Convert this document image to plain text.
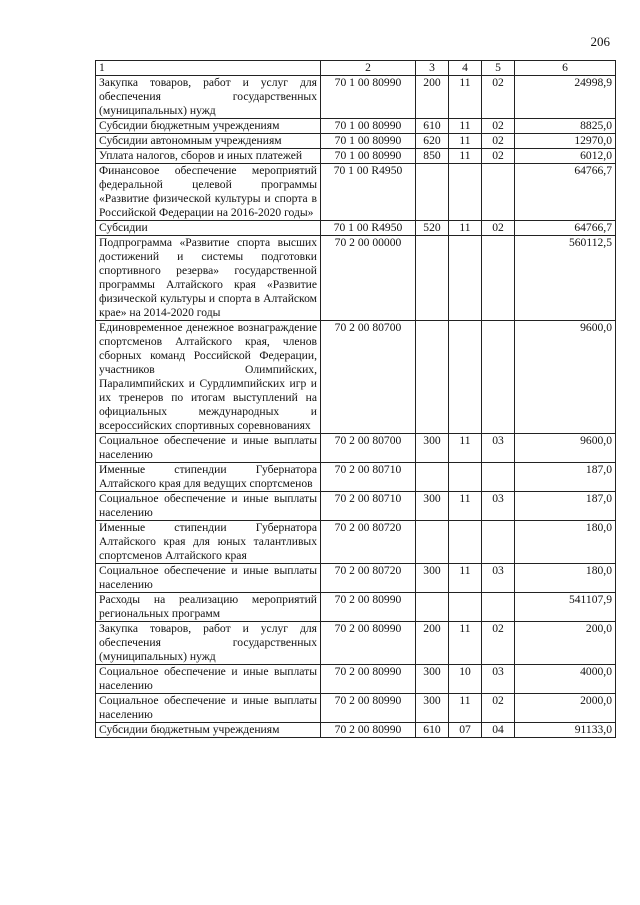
206
1	2	3	4	5	6
Закупка товаров, работ и услуг для обеспечения государственных (муниципальных) нужд	70 1 00 80990	200	11	02	24998,9
Субсидии бюджетным учреждениям	70 1 00 80990	610	11	02	8825,0
Субсидии автономным учреждениям	70 1 00 80990	620	11	02	12970,0
Уплата налогов, сборов и иных платежей	70 1 00 80990	850	11	02	6012,0
Финансовое обеспечение мероприятий федеральной целевой программы «Развитие физической культуры и спорта в Российской Федерации на 2016-2020 годы»	70 1 00 R4950				64766,7
Субсидии	70 1 00 R4950	520	11	02	64766,7
Подпрограмма «Развитие спорта высших достижений и системы подготовки спортивного резерва» государственной программы Алтайского края «Развитие физической культуры и спорта в Алтайском крае» на 2014-2020 годы	70 2 00 00000				560112,5
Единовременное денежное вознаграждение спортсменов Алтайского края, членов сборных команд Российской Федерации, участников Олимпийских, Паралимпийских и Сурдлимпийских игр и их тренеров по итогам выступлений на официальных международных и всероссийских спортивных соревнованиях	70 2 00 80700				9600,0
Социальное обеспечение и иные выплаты населению	70 2 00 80700	300	11	03	9600,0
Именные стипендии Губернатора Алтайского края для ведущих спортсменов	70 2 00 80710				187,0
Социальное обеспечение и иные выплаты населению	70 2 00 80710	300	11	03	187,0
Именные стипендии Губернатора Алтайского края для юных талантливых спортсменов Алтайского края	70 2 00 80720				180,0
Социальное обеспечение и иные выплаты населению	70 2 00 80720	300	11	03	180,0
Расходы на реализацию мероприятий региональных программ	70 2 00 80990				541107,9
Закупка товаров, работ и услуг для обеспечения государственных (муниципальных) нужд	70 2 00 80990	200	11	02	200,0
Социальное обеспечение и иные выплаты населению	70 2 00 80990	300	10	03	4000,0
Социальное обеспечение и иные выплаты населению	70 2 00 80990	300	11	02	2000,0
Субсидии бюджетным учреждениям	70 2 00 80990	610	07	04	91133,0
